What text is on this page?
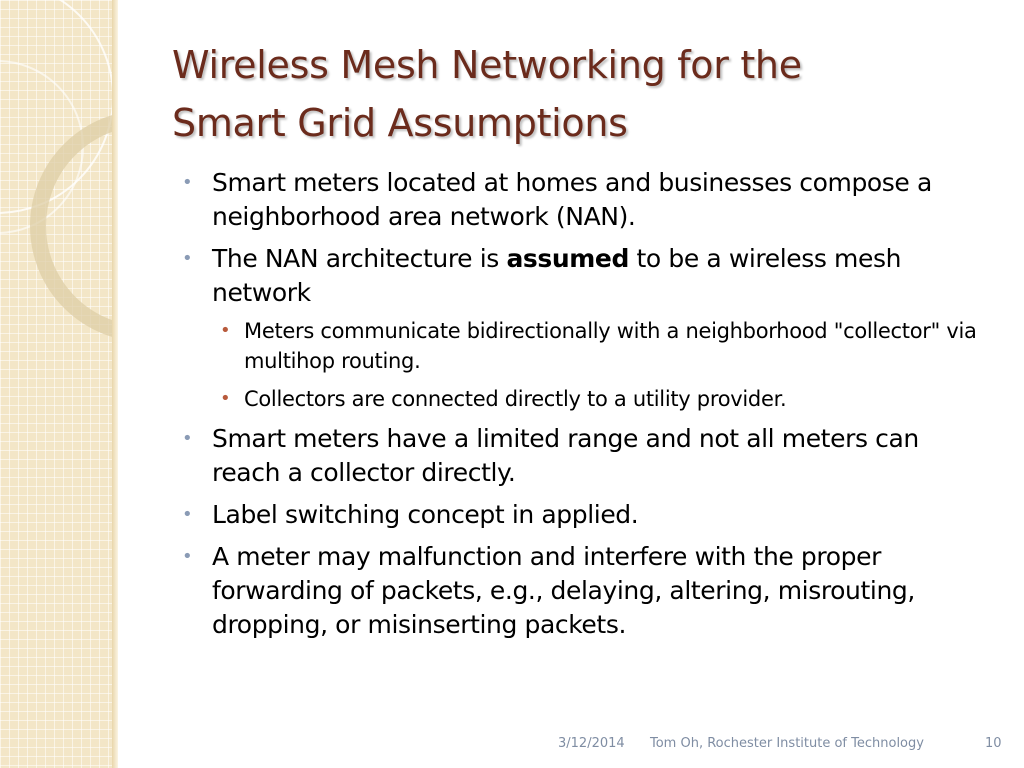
Wireless Mesh Networking for the
Smart Grid Assumptions
• Smart meters located at homes and businesses compose a neighborhood area network (NAN).
• The NAN architecture is assumed to be a wireless mesh network
• Meters communicate bidirectionally with a neighborhood "collector" via multihop routing.
• Collectors are connected directly to a utility provider.
• Smart meters have a limited range and not all meters can reach a collector directly.
• Label switching concept in applied.
• A meter may malfunction and interfere with the proper forwarding of packets, e.g., delaying, altering, misrouting, dropping, or misinserting packets.
3/12/2014 Tom Oh, Rochester Institute of Technology	10
